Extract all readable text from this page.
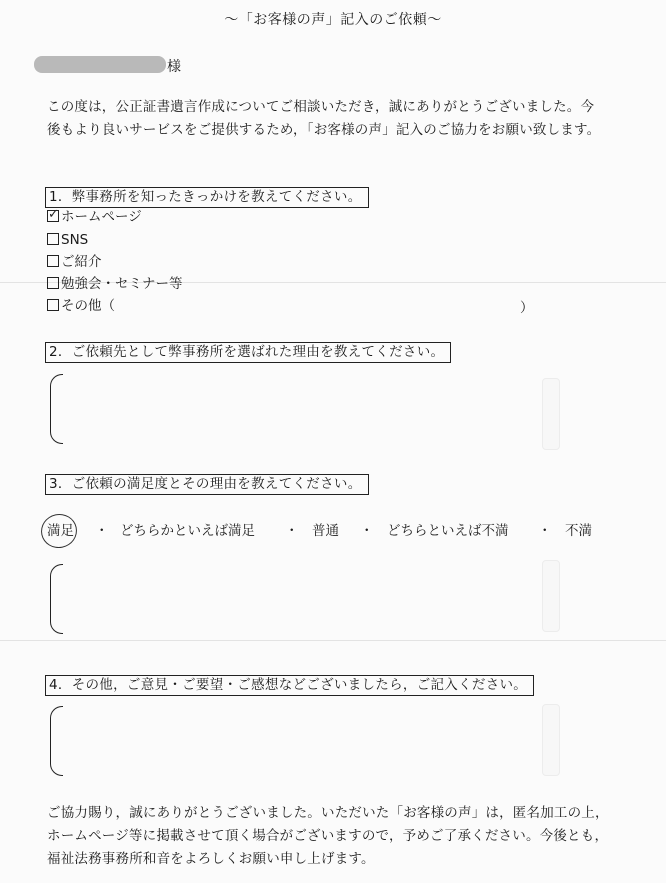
〜「お客様の声」記入のご依頼〜
様
この度は，公正証書遺言作成についてご相談いただき，誠にありがとうございました。今
後もより良いサービスをご提供するため，「お客様の声」記入のご協力をお願い致します。
1．弊事務所を知ったきっかけを教えてください。
✓ ホームページ
SNS
ご紹介
勉強会・セミナー等
その他（	）
2．ご依頼先として弊事務所を選ばれた理由を教えてください。
3．ご依頼の満足度とその理由を教えてください。
満足 ・ どちらかといえば満足 ・ 普通 ・ どちらといえば不満 ・ 不満
4．その他，ご意見・ご要望・ご感想などございましたら，ご記入ください。
ご協力賜り，誠にありがとうございました。いただいた「お客様の声」は，匿名加工の上，
ホームページ等に掲載させて頂く場合がございますので，予めご了承ください。今後とも，
福祉法務事務所和音をよろしくお願い申し上げます。
